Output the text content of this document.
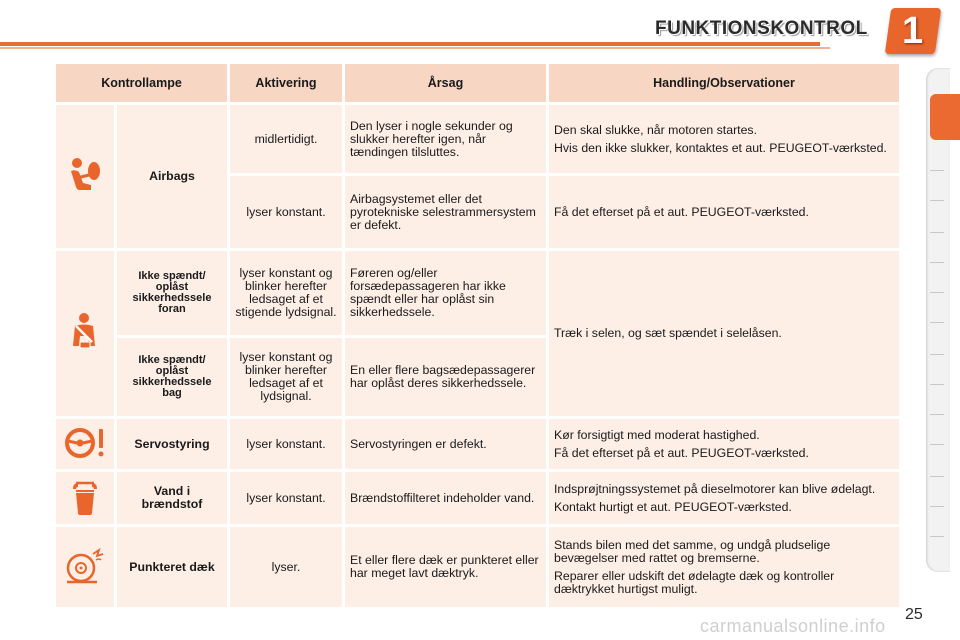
FUNKTIONSKONTROL 1
Kontrollampe		Aktivering	Årsag	Handling/Observationer
	Airbags	midlertidigt.	Den lyser i nogle sekunder og slukker herefter igen, når tændingen tilsluttes.	Den skal slukke, når motoren startes.

Hvis den ikke slukker, kontaktes et aut. PEUGEOT-værksted.

		lyser konstant.	Airbagsystemet eller det pyrotekniske selestrammersystem er defekt.	Få det efterset på et aut. PEUGEOT-værksted.

	Ikke spændt/ oplåst sikkerhedssele foran	lyser konstant og blinker herefter ledsaget af et stigende lydsignal.	Føreren og/eller forsædepassageren har ikke spændt eller har oplåst sin sikkerhedssele.	Træk i selen, og sæt spændet i selelåsen.

	Ikke spændt/ oplåst sikkerhedssele bag	lyser konstant og blinker herefter ledsaget af et lydsignal.	En eller flere bagsædepassagerer har oplåst deres sikkerhedssele.	
	Servostyring	lyser konstant.	Servostyringen er defekt.	Kør forsigtigt med moderat hastighed.

Få det efterset på et aut. PEUGEOT-værksted.

	Vand i brændstof	lyser konstant.	Brændstoffilteret indeholder vand.	Indsprøjtningssystemet på dieselmotorer kan blive ødelagt.

Kontakt hurtigt et aut. PEUGEOT-værksted.

	Punkteret dæk	lyser.	Et eller flere dæk er punkteret eller har meget lavt dæktryk.	Stands bilen med det samme, og undgå pludselige bevægelser med rattet og bremserne.

Reparer eller udskift det ødelagte dæk og kontroller dæktrykket hurtigst muligt.

25
carmanualsonline.info
